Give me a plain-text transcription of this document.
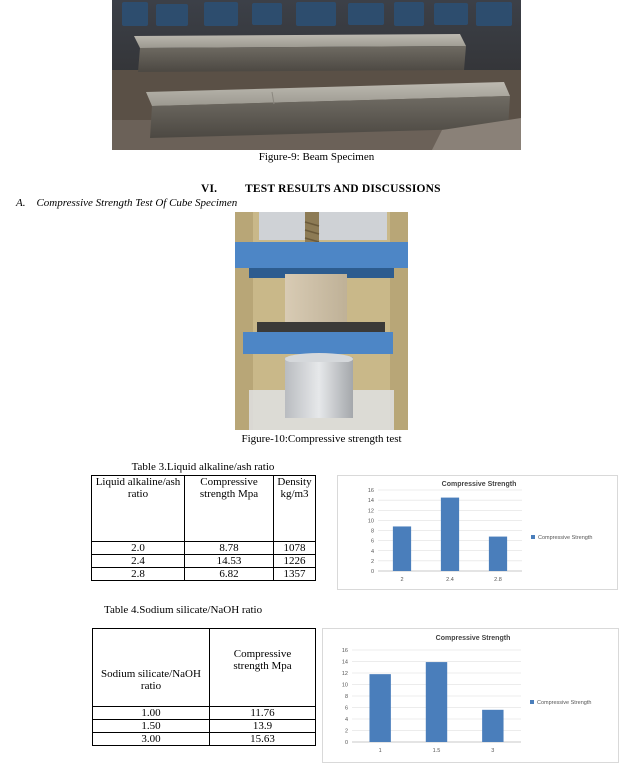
Figure-9: Beam Specimen
VI. TEST RESULTS AND DISCUSSIONS
A.    Compressive Strength Test Of Cube Specimen
Figure-10:Compressive strength test
Table 3.Liquid alkaline/ash ratio
Liquid alkaline/ash ratio	Compressive strength Mpa	Density kg/m3
2.0	8.78	1078
2.4	14.53	1226
2.8	6.82	1357
Table 4.Sodium silicate/NaOH ratio
Sodium silicate/NaOH ratio	Compressive strength Mpa

1.00	11.76
1.50	13.9
3.00	15.63
Compressive Strength
0
2
4
6
8
10
12
14
16
2	2.4	2.8
Compressive Strength
Compressive Strength
0
2
4
6
8
10
12
14
16
1	1.5	3
Compressive Strength
